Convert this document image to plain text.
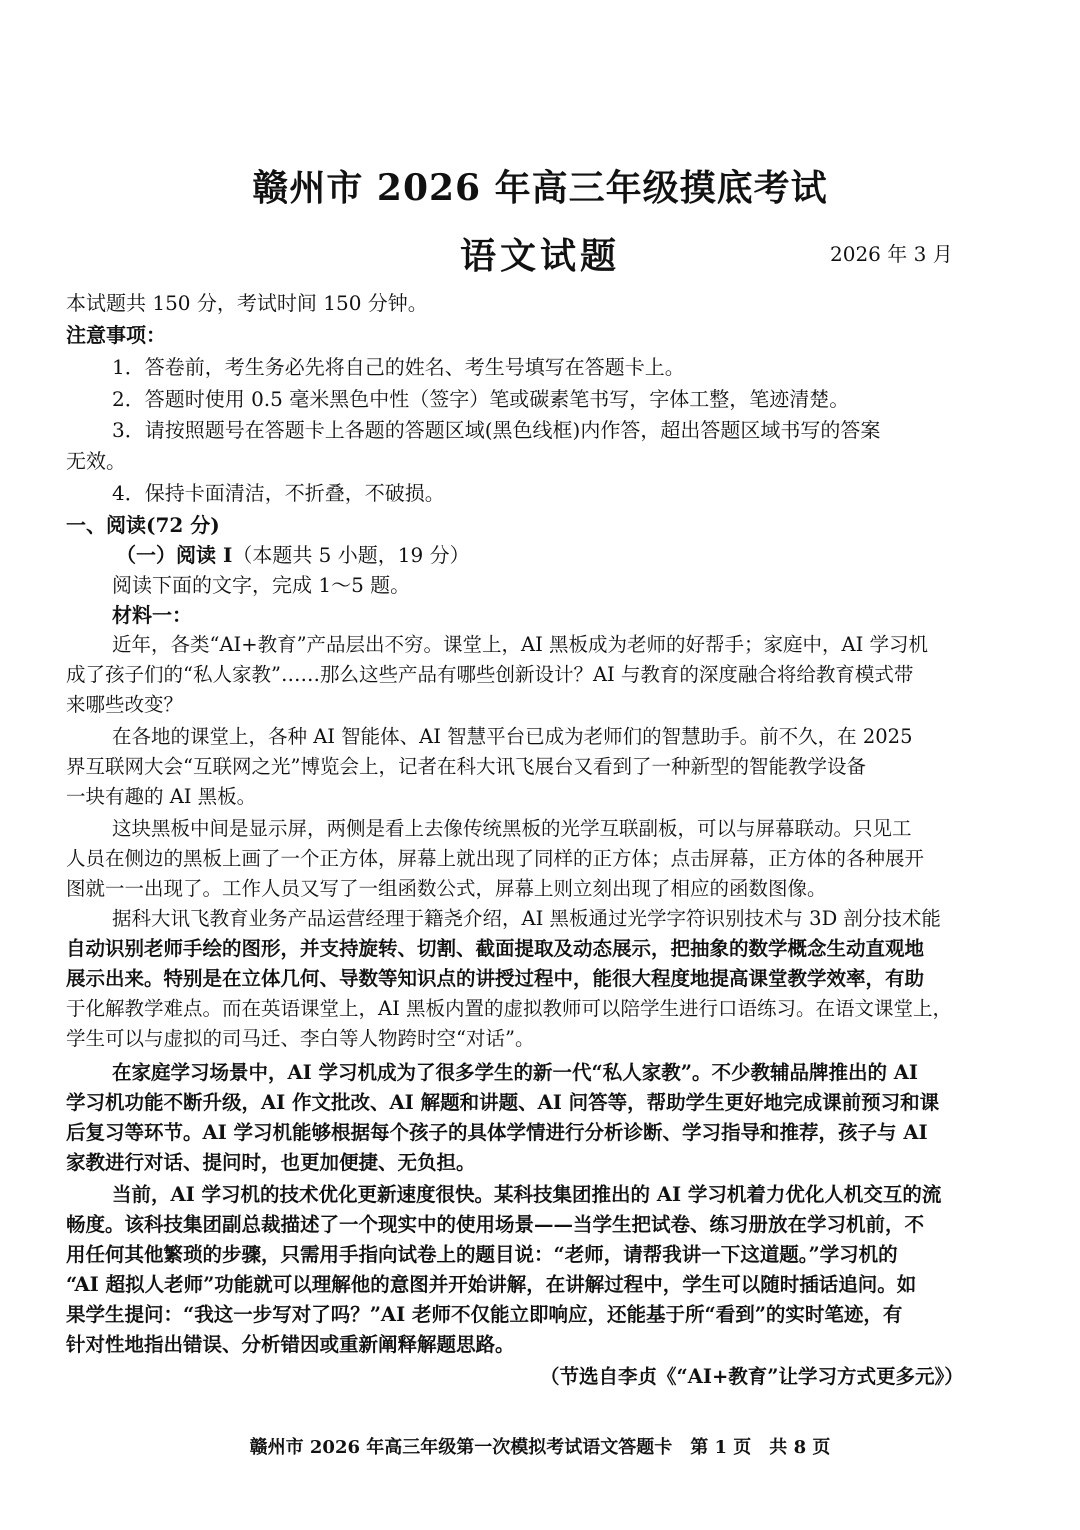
赣州市 2026 年高三年级摸底考试
语文试题	2026 年 3 月
本试题共 150 分，考试时间 150 分钟。
注意事项：
1．答卷前，考生务必先将自己的姓名、考生号填写在答题卡上。
2．答题时使用 0.5 毫米黑色中性（签字）笔或碳素笔书写，字体工整，笔迹清楚。
3．请按照题号在答题卡上各题的答题区域(黑色线框)内作答，超出答题区域书写的答案
无效。
4．保持卡面清洁，不折叠，不破损。
一、阅读(72 分)
（一）阅读 I（本题共 5 小题，19 分）
阅读下面的文字，完成 1～5 题。
材料一：
近年，各类“AI+教育”产品层出不穷。课堂上，AI 黑板成为老师的好帮手；家庭中，AI 学习机
成了孩子们的“私人家教”……那么这些产品有哪些创新设计？AI 与教育的深度融合将给教育模式带
来哪些改变？
在各地的课堂上，各种 AI 智能体、AI 智慧平台已成为老师们的智慧助手。前不久，在 2025
界互联网大会“互联网之光”博览会上，记者在科大讯飞展台又看到了一种新型的智能教学设备
一块有趣的 AI 黑板。
这块黑板中间是显示屏，两侧是看上去像传统黑板的光学互联副板，可以与屏幕联动。只见工
人员在侧边的黑板上画了一个正方体，屏幕上就出现了同样的正方体；点击屏幕，正方体的各种展开
图就一一出现了。工作人员又写了一组函数公式，屏幕上则立刻出现了相应的函数图像。
据科大讯飞教育业务产品运营经理于籍尧介绍，AI 黑板通过光学字符识别技术与 3D 剖分技术能
自动识别老师手绘的图形，并支持旋转、切割、截面提取及动态展示，把抽象的数学概念生动直观地
展示出来。特别是在立体几何、导数等知识点的讲授过程中，能很大程度地提高课堂教学效率，有助
于化解教学难点。而在英语课堂上，AI 黑板内置的虚拟教师可以陪学生进行口语练习。在语文课堂上，
学生可以与虚拟的司马迁、李白等人物跨时空“对话”。
在家庭学习场景中，AI 学习机成为了很多学生的新一代“私人家教”。不少教辅品牌推出的 AI
学习机功能不断升级，AI 作文批改、AI 解题和讲题、AI 问答等，帮助学生更好地完成课前预习和课
后复习等环节。AI 学习机能够根据每个孩子的具体学情进行分析诊断、学习指导和推荐，孩子与 AI
家教进行对话、提问时，也更加便捷、无负担。
当前，AI 学习机的技术优化更新速度很快。某科技集团推出的 AI 学习机着力优化人机交互的流
畅度。该科技集团副总裁描述了一个现实中的使用场景——当学生把试卷、练习册放在学习机前，不
用任何其他繁琐的步骤，只需用手指向试卷上的题目说：“老师，请帮我讲一下这道题。”学习机的
“AI 超拟人老师”功能就可以理解他的意图并开始讲解，在讲解过程中，学生可以随时插话追问。如
果学生提问：“我这一步写对了吗？”AI 老师不仅能立即响应，还能基于所“看到”的实时笔迹，有
针对性地指出错误、分析错因或重新阐释解题思路。
（节选自李贞《“AI+教育”让学习方式更多元》）
赣州市 2026 年高三年级第一次模拟考试语文答题卡　第 1 页　共 8 页
